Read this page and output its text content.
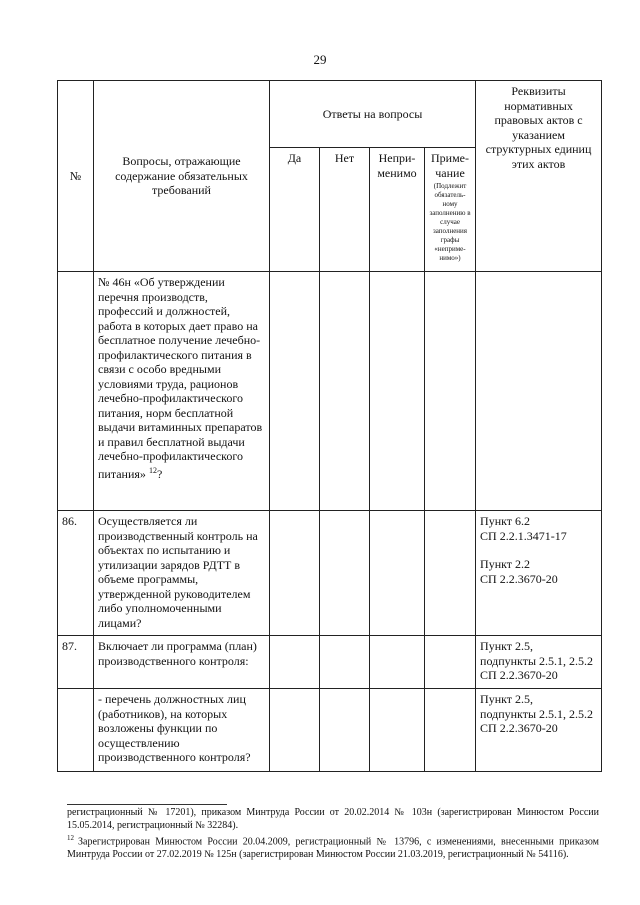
29
№	Вопросы, отражающие содержание обязательных требований	Ответы на вопросы				Реквизиты нормативных правовых актов с указанием структурных единиц этих актов
		Да	Нет	Непри-менимо	Приме-чание
(Подлежит обязатель-ному заполнению в случае заполнения графы «неприме-нимо»)	

	№ 46н «Об утверждении перечня производств, профессий и должностей, работа в которых дает право на бесплатное получение лечебно-профилактического питания в связи с особо вредными условиями труда, рационов лечебно-профилактического питания, норм бесплатной выдачи витаминных препаратов и правил бесплатной выдачи лечебно-профилактического питания» $^{12}$?					
86.	Осуществляется ли производственный контроль на объектах по испытанию и утилизации зарядов РДТТ в объеме программы, утвержденной руководителем либо уполномоченными лицами?					Пункт 6.2
СП 2.2.1.3471-17
Пункт 2.2
СП 2.2.3670-20

87.	Включает ли программа (план) производственного контроля:					Пункт 2.5,
подпункты 2.5.1, 2.5.2
СП 2.2.3670-20

	- перечень должностных лиц (работников), на которых возложены функции по осуществлению производственного контроля?					Пункт 2.5,
подпункты 2.5.1, 2.5.2
СП 2.2.3670-20
регистрационный № 17201), приказом Минтруда России от 20.02.2014 № 103н (зарегистрирован Минюстом России 15.05.2014, регистрационный № 32284).
$^{12}$ Зарегистрирован Минюстом России 20.04.2009, регистрационный № 13796, с изменениями, внесенными приказом Минтруда России от 27.02.2019 № 125н (зарегистрирован Минюстом России 21.03.2019, регистрационный № 54116).
